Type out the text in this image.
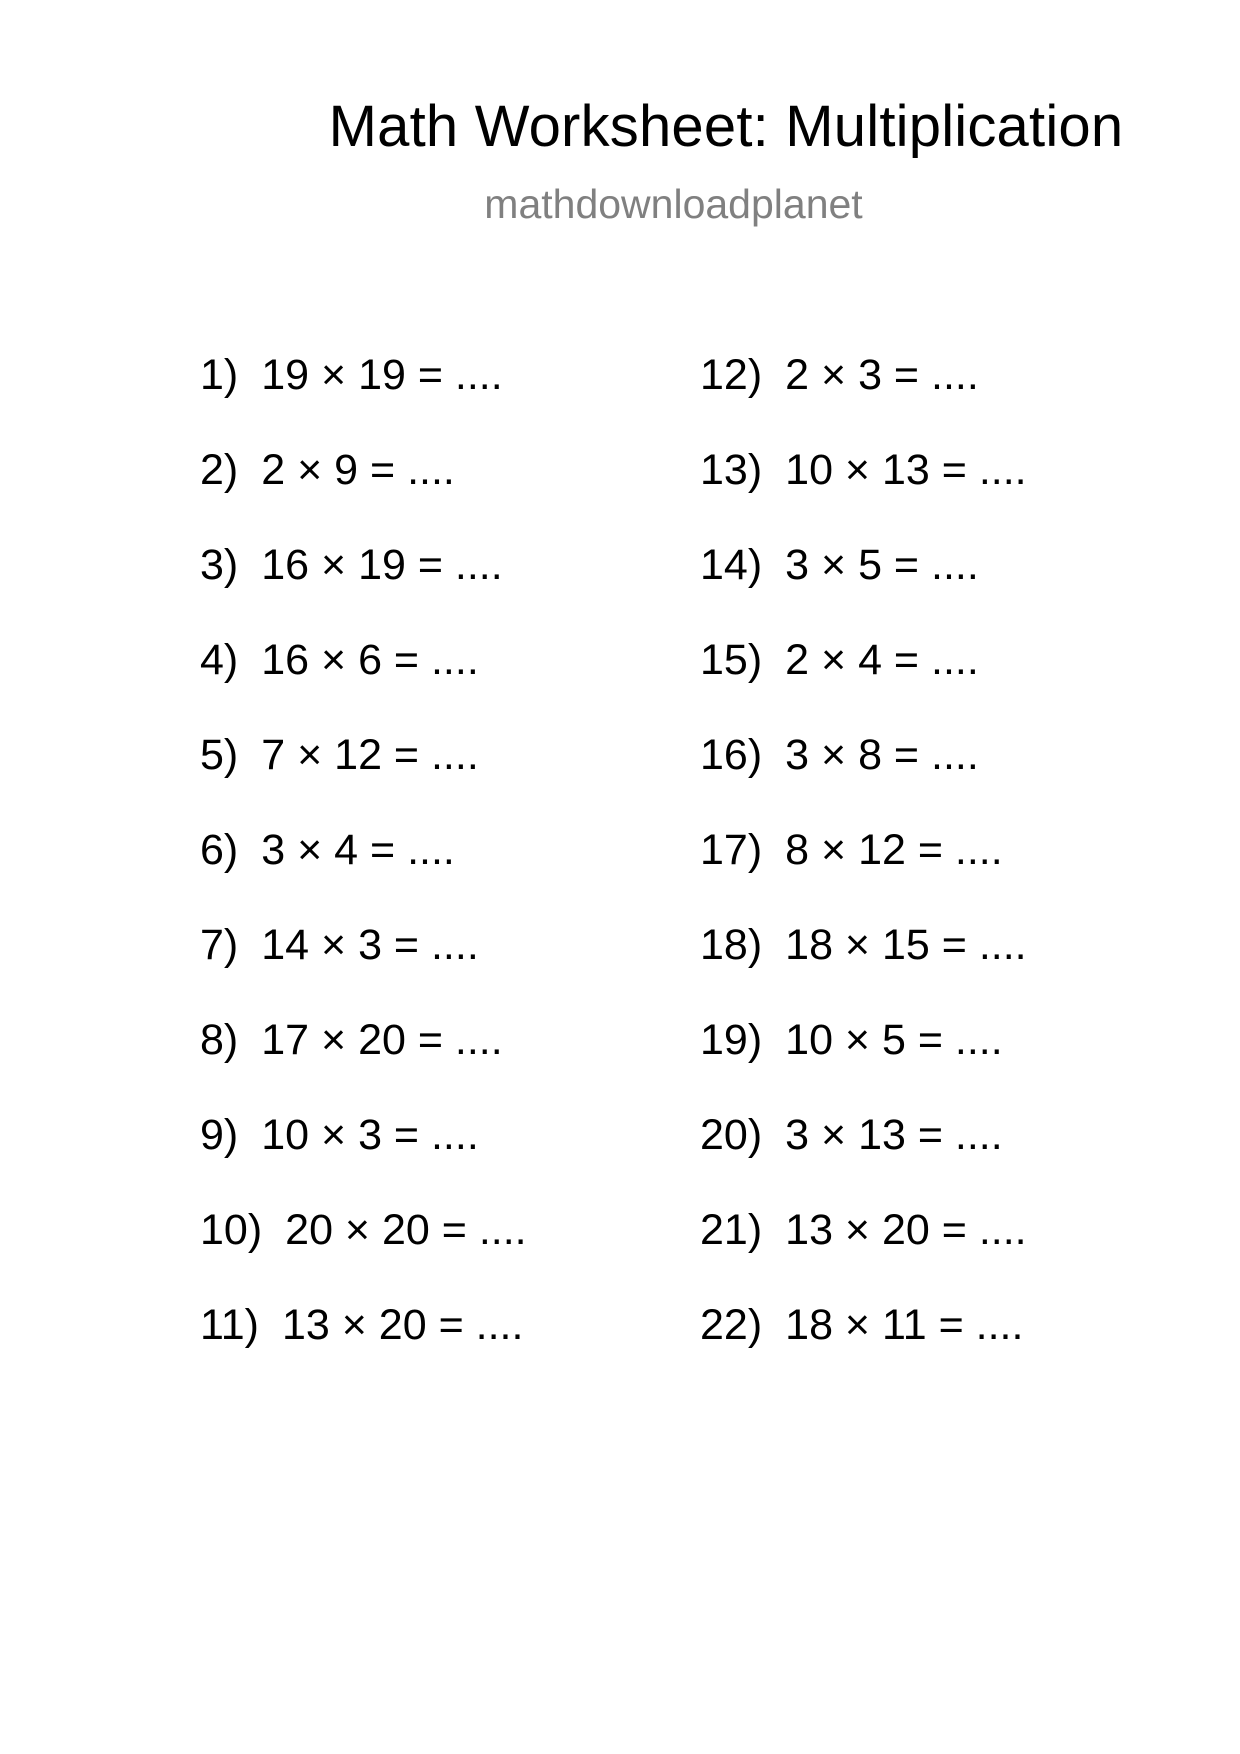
Math Worksheet: Multiplication
mathdownloadplanet
1) 19 × 19 = ....
2) 2 × 9 = ....
3) 16 × 19 = ....
4) 16 × 6 = ....
5) 7 × 12 = ....
6) 3 × 4 = ....
7) 14 × 3 = ....
8) 17 × 20 = ....
9) 10 × 3 = ....
10) 20 × 20 = ....
11) 13 × 20 = ....
12) 2 × 3 = ....
13) 10 × 13 = ....
14) 3 × 5 = ....
15) 2 × 4 = ....
16) 3 × 8 = ....
17) 8 × 12 = ....
18) 18 × 15 = ....
19) 10 × 5 = ....
20) 3 × 13 = ....
21) 13 × 20 = ....
22) 18 × 11 = ....
